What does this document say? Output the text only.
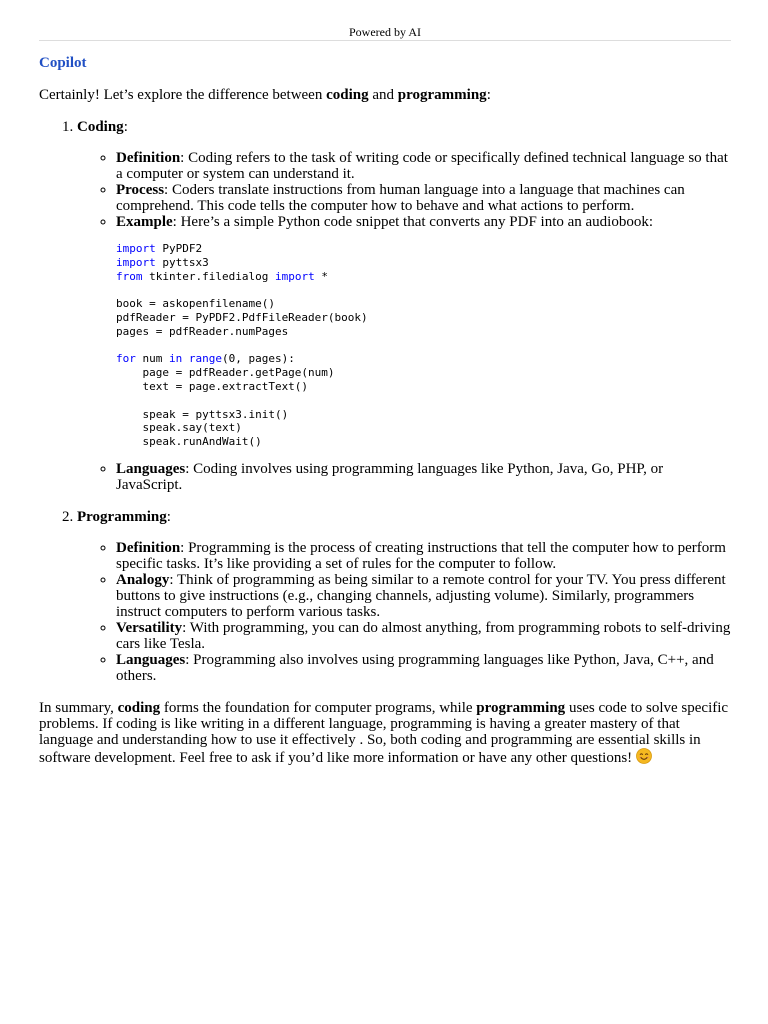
Powered by AI
Copilot
Certainly! Let’s explore the difference between coding and programming:
1. Coding:
◦ Definition: Coding refers to the task of writing code or specifically defined technical language so that a computer or system can understand it.
◦ Process: Coders translate instructions from human language into a language that machines can comprehend. This code tells the computer how to behave and what actions to perform.
◦ Example: Here’s a simple Python code snippet that converts any PDF into an audiobook:
import PyPDF2
import pyttsx3
from tkinter.filedialog import *

book = askopenfilename()
pdfReader = PyPDF2.PdfFileReader(book)
pages = pdfReader.numPages

for num in range(0, pages):
page = pdfReader.getPage(num)
text = page.extractText()

speak = pyttsx3.init()
speak.say(text)
speak.runAndWait()
◦ Languages: Coding involves using programming languages like Python, Java, Go, PHP, or JavaScript.
2. Programming:
◦ Definition: Programming is the process of creating instructions that tell the computer how to perform specific tasks. It’s like providing a set of rules for the computer to follow.
◦ Analogy: Think of programming as being similar to a remote control for your TV. You press different buttons to give instructions (e.g., changing channels, adjusting volume). Similarly, programmers instruct computers to perform various tasks.
◦ Versatility: With programming, you can do almost anything, from programming robots to self-driving cars like Tesla.
◦ Languages: Programming also involves using programming languages like Python, Java, C++, and others.
In summary, coding forms the foundation for computer programs, while programming uses code to solve specific problems. If coding is like writing in a different language, programming is having a greater mastery of that language and understanding how to use it effectively . So, both coding and programming are essential skills in software development. Feel free to ask if you’d like more information or have any other questions!
